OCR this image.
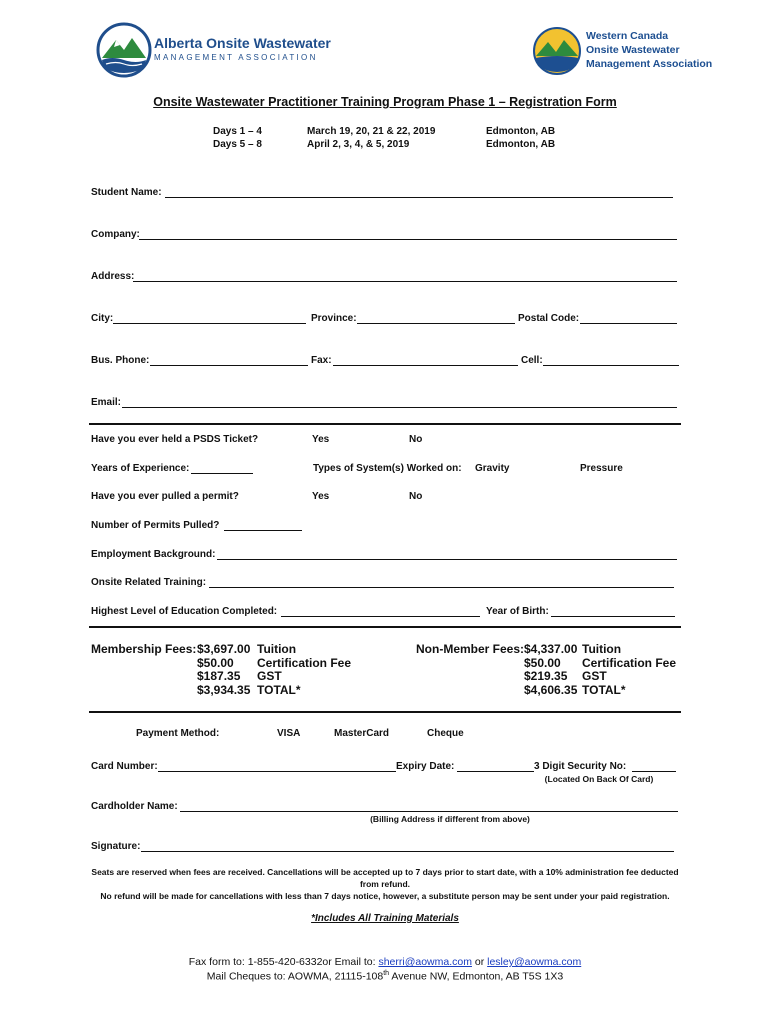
Alberta Onsite Wastewater
MANAGEMENT ASSOCIATION
Western Canada
Onsite Wastewater
Management Association
Onsite Wastewater Practitioner Training Program Phase 1 – Registration Form
Days 1 – 4	March 19, 20, 21 & 22, 2019	Edmonton, AB
Days 5 – 8	April 2, 3, 4, & 5, 2019	Edmonton, AB
Student Name:
Company:
Address:
City:	Province:	Postal Code:
Bus. Phone:	Fax:	Cell:
Email:
Have you ever held a PSDS Ticket?	Yes	No
Years of Experience:	Types of System(s) Worked on: Gravity	Pressure
Have you ever pulled a permit?	Yes	No
Number of Permits Pulled?
Employment Background:
Onsite Related Training:
Highest Level of Education Completed:	Year of Birth:
Membership Fees: $3,697.00 Tuition
$50.00 Certification Fee
$187.35 GST
$3,934.35 TOTAL*
Non-Member Fees: $4,337.00 Tuition
$50.00 Certification Fee
$219.35 GST
$4,606.35 TOTAL*
Payment Method:	VISA	MasterCard	Cheque
Card Number:	Expiry Date:	3 Digit Security No:
(Located On Back Of Card)
Cardholder Name:
(Billing Address if different from above)
Signature:
Seats are reserved when fees are received. Cancellations will be accepted up to 7 days prior to start date, with a 10% administration fee deducted from refund.
No refund will be made for cancellations with less than 7 days notice, however, a substitute person may be sent under your paid registration.
*Includes All Training Materials
Fax form to: 1-855-420-6332or Email to: sherri@aowma.com or lesley@aowma.com
Mail Cheques to: AOWMA, 21115-108th Avenue NW, Edmonton, AB T5S 1X3
